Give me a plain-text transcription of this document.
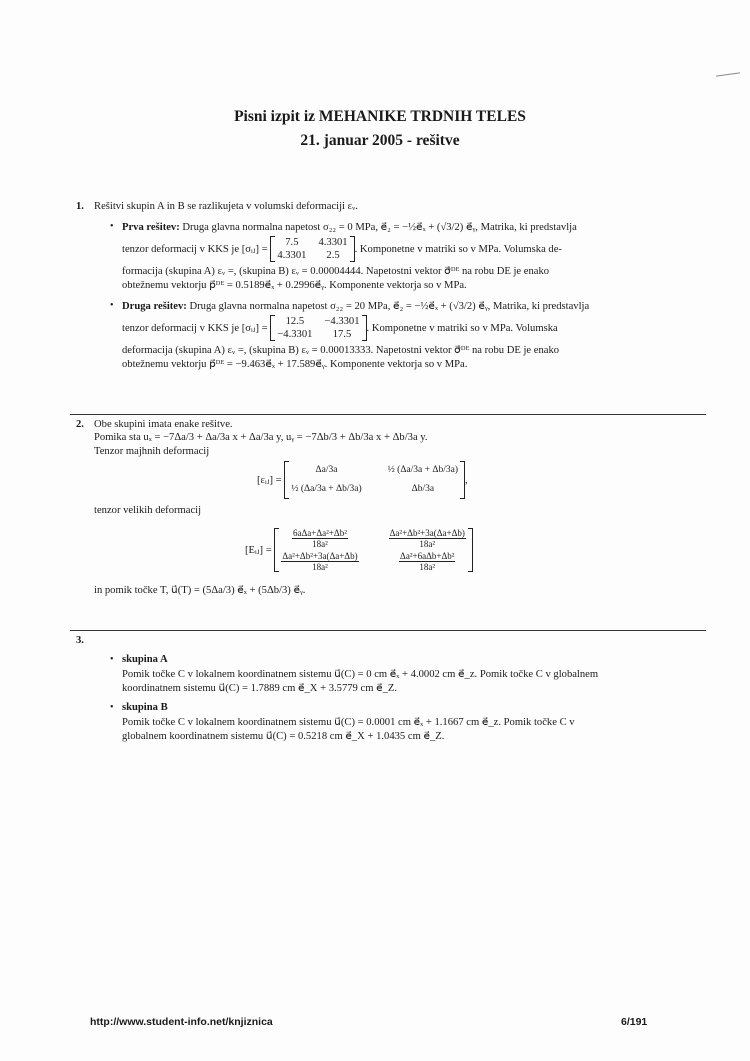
Pisni izpit iz MEHANIKE TRDNIH TELES
21. januar 2005 - rešitve
1. Rešitvi skupin A in B se razlikujeta v volumski deformaciji εᵥ.
• Prva rešitev: Druga glavna normalna napetost σ₂₂ = 0 MPa, e⃗₂ = −½e⃗ₓ + (√3/2) e⃗ᵧ, Matrika, ki predstavlja
tenzor deformacij v KKS je [σᵢⱼ] =

7.5	4.3301
4.3301	2.5
. Komponetne v matriki so v MPa. Volumska de-
formacija (skupina A) εᵥ =, (skupina B) εᵥ = 0.00004444. Napetostni vektor σ⃗ᴰᴱ na robu DE je enako
obtežnemu vektorju p⃗ᴰᴱ = 0.5189e⃗ₓ + 0.2996e⃗ᵧ. Komponente vektorja so v MPa.
• Druga rešitev: Druga glavna normalna napetost σ₂₂ = 20 MPa, e⃗₂ = −½e⃗ₓ + (√3/2) e⃗ᵧ, Matrika, ki predstavlja
tenzor deformacij v KKS je [σᵢⱼ] =

12.5	−4.3301
−4.3301	17.5
. Komponetne v matriki so v MPa. Volumska
deformacija (skupina A) εᵥ =, (skupina B) εᵥ = 0.00013333. Napetostni vektor σ⃗ᴰᴱ na robu DE je enako
obtežnemu vektorju p⃗ᴰᴱ = −9.463e⃗ₓ + 17.589e⃗ᵧ. Komponente vektorja so v MPa.
2. Obe skupini imata enake rešitve.
Pomika sta uₓ = −7Δa/3 + Δa/3a x + Δa/3a y, uᵧ = −7Δb/3 + Δb/3a x + Δb/3a y.
Tenzor majhnih deformacij
[εᵢⱼ] =

Δa/3a	½ (Δa/3a + Δb/3a)
½ (Δa/3a + Δb/3a)	Δb/3a
,
tenzor velikih deformacij
[Eᵢⱼ] =

$\frac{\text{6aΔa+Δa²+Δb²}}{\text{18a²}}$	$\frac{\text{Δa²+Δb²+3a(Δa+Δb)}}{\text{18a²}}$
$\frac{\text{Δa²+Δb²+3a(Δa+Δb)}}{\text{18a²}}$	$\frac{\text{Δa²+6aΔb+Δb²}}{\text{18a²}}$
in pomik točke T, u⃗(T) = (5Δa/3) e⃗ₓ + (5Δb/3) e⃗ᵧ.
3.
• skupina A
Pomik točke C v lokalnem koordinatnem sistemu u⃗(C) = 0 cm e⃗ₓ + 4.0002 cm e⃗_z. Pomik točke C v globalnem
koordinatnem sistemu u⃗(C) = 1.7889 cm e⃗_X + 3.5779 cm e⃗_Z.
• skupina B
Pomik točke C v lokalnem koordinatnem sistemu u⃗(C) = 0.0001 cm e⃗ₓ + 1.1667 cm e⃗_z. Pomik točke C v
globalnem koordinatnem sistemu u⃗(C) = 0.5218 cm e⃗_X + 1.0435 cm e⃗_Z.
http://www.student-info.net/knjiznica	6/191
